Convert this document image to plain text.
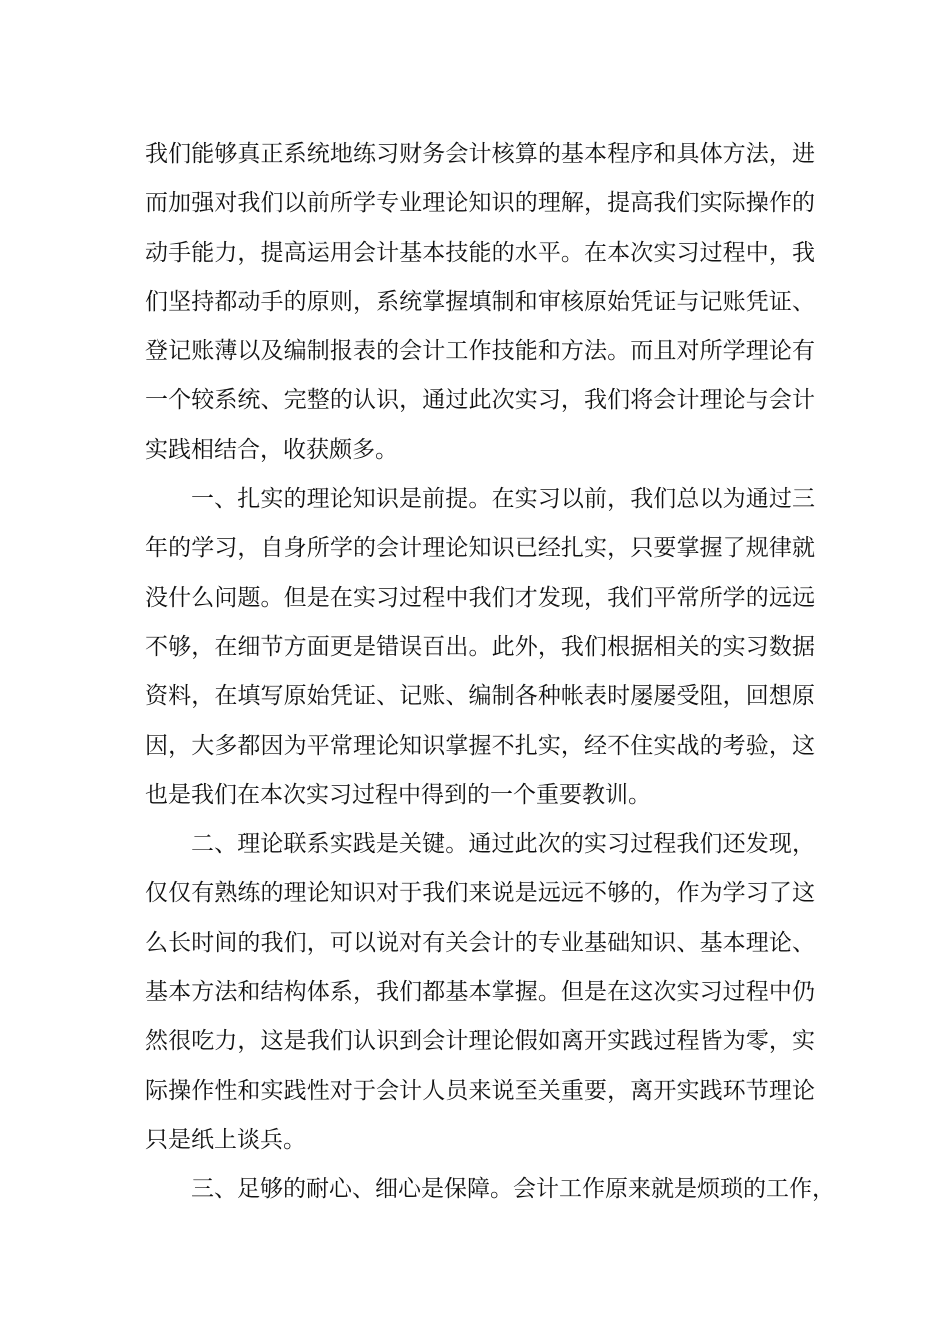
我们能够真正系统地练习财务会计核算的基本程序和具体方法，进
而加强对我们以前所学专业理论知识的理解，提高我们实际操作的
动手能力，提高运用会计基本技能的水平。在本次实习过程中，我
们坚持都动手的原则，系统掌握填制和审核原始凭证与记账凭证、
登记账薄以及编制报表的会计工作技能和方法。而且对所学理论有
一个较系统、完整的认识，通过此次实习，我们将会计理论与会计
实践相结合，收获颇多。
一、扎实的理论知识是前提。在实习以前，我们总以为通过三
年的学习，自身所学的会计理论知识已经扎实，只要掌握了规律就
没什么问题。但是在实习过程中我们才发现，我们平常所学的远远
不够，在细节方面更是错误百出。此外，我们根据相关的实习数据
资料，在填写原始凭证、记账、编制各种帐表时屡屡受阻，回想原
因，大多都因为平常理论知识掌握不扎实，经不住实战的考验，这
也是我们在本次实习过程中得到的一个重要教训。
二、理论联系实践是关键。通过此次的实习过程我们还发现，
仅仅有熟练的理论知识对于我们来说是远远不够的，作为学习了这
么长时间的我们，可以说对有关会计的专业基础知识、基本理论、
基本方法和结构体系，我们都基本掌握。但是在这次实习过程中仍
然很吃力，这是我们认识到会计理论假如离开实践过程皆为零，实
际操作性和实践性对于会计人员来说至关重要，离开实践环节理论
只是纸上谈兵。
三、足够的耐心、细心是保障。会计工作原来就是烦琐的工作，
